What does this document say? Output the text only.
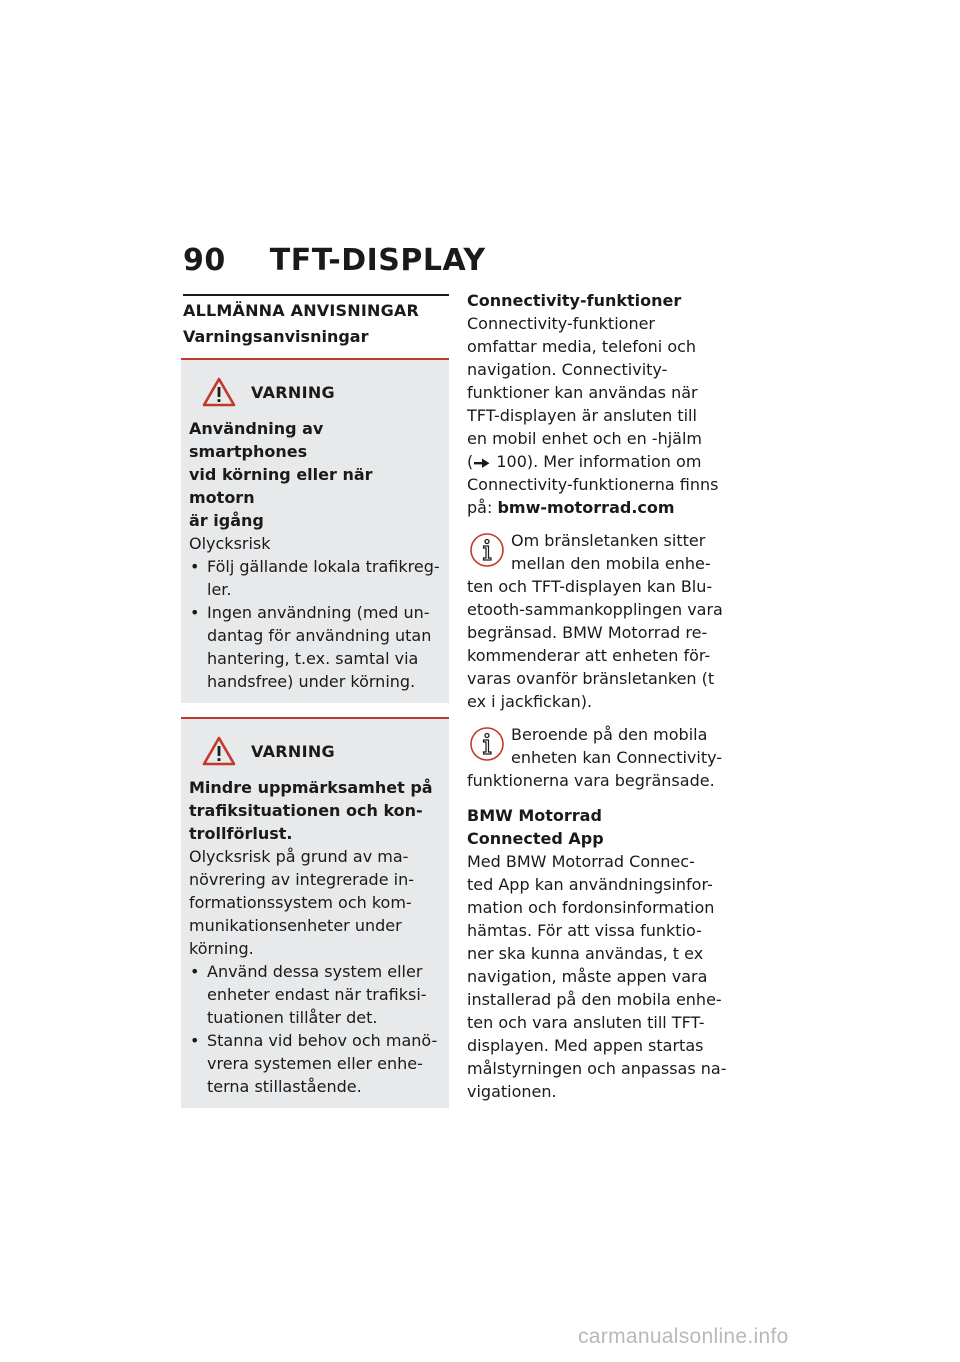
90 TFT-DISPLAY
ALLMÄNNA ANVISNINGAR
Varningsanvisningar
VARNING
Användning av smartphones
vid körning eller när motorn
är igång
Olycksrisk
• Följ gällande lokala trafikreg-
ler.
• Ingen användning (med un-
dantag för användning utan
hantering, t.ex. samtal via
handsfree) under körning.
VARNING
Mindre uppmärksamhet på
trafiksituationen och kon-
trollförlust.
Olycksrisk på grund av ma-
növrering av integrerade in-
formationssystem och kom-
munikationsenheter under
körning.
• Använd dessa system eller
enheter endast när trafiksi-
tuationen tillåter det.
• Stanna vid behov och manö-
vrera systemen eller enhe-
terna stillastående.
Connectivity-funktioner
Connectivity-funktioner
omfattar media, telefoni och
navigation. Connectivity-
funktioner kan användas när
TFT-displayen är ansluten till
en mobil enhet och en -hjälm
( 100). Mer information om
Connectivity-funktionerna finns
på: bmw-motorrad.com
Om bränsletanken sitter
mellan den mobila enhe-
ten och TFT-displayen kan Blu-
etooth-sammankopplingen vara
begränsad. BMW Motorrad re-
kommenderar att enheten för-
varas ovanför bränsletanken (t
ex i jackfickan).
Beroende på den mobila
enheten kan Connectivity-
funktionerna vara begränsade.
BMW Motorrad
Connected App
Med BMW Motorrad Connec-
ted App kan användningsinfor-
mation och fordonsinformation
hämtas. För att vissa funktio-
ner ska kunna användas, t ex
navigation, måste appen vara
installerad på den mobila enhe-
ten och vara ansluten till TFT-
displayen. Med appen startas
målstyrningen och anpassas na-
vigationen.
carmanualsonline.info
